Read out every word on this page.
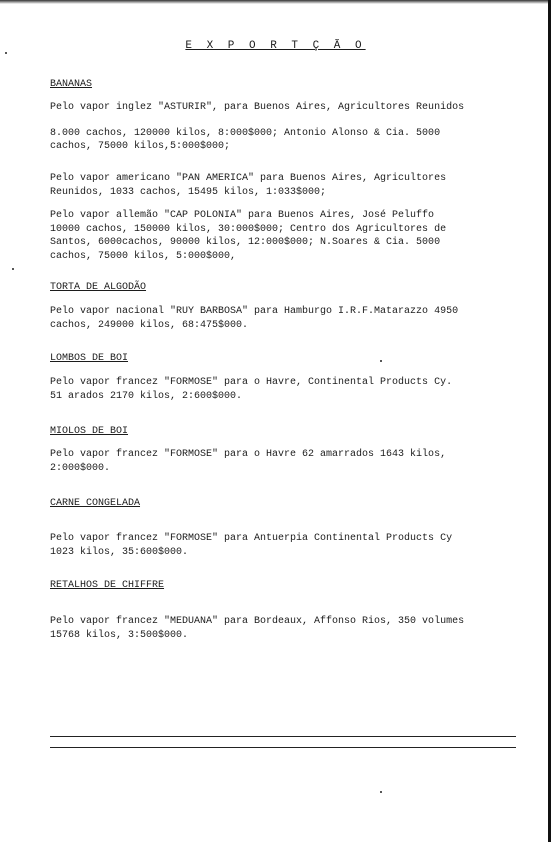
E X P O R T Ç Ã O
BANANAS
Pelo vapor inglez "ASTURIR", para Buenos Aires, Agricultores Reunidos
8.000 cachos, 120000 kilos, 8:000$000; Antonio Alonso & Cia. 5000
cachos, 75000 kilos,5:000$000;
Pelo vapor americano "PAN AMERICA" para Buenos Aires, Agricultores
Reunidos, 1033 cachos, 15495 kilos, 1:033$000;
Pelo vapor allemão "CAP POLONIA" para Buenos Aires, José Peluffo
10000 cachos, 150000 kilos, 30:000$000; Centro dos Agricultores de
Santos, 6000cachos, 90000 kilos, 12:000$000; N.Soares & Cia. 5000
cachos, 75000 kilos, 5:000$000,
TORTA DE ALGODÃO
Pelo vapor nacional "RUY BARBOSA" para Hamburgo I.R.F.Matarazzo 4950
cachos, 249000 kilos, 68:475$000.
LOMBOS DE BOI
Pelo vapor francez "FORMOSE" para o Havre, Continental Products Cy.
51 arados 2170 kilos, 2:600$000.
MIOLOS DE BOI
Pelo vapor francez "FORMOSE" para o Havre 62 amarrados 1643 kilos,
2:000$000.
CARNE CONGELADA
Pelo vapor francez "FORMOSE" para Antuerpia Continental Products Cy
1023 kilos, 35:600$000.
RETALHOS DE CHIFFRE
Pelo vapor francez "MEDUANA" para Bordeaux, Affonso Rios, 350 volumes
15768 kilos, 3:500$000.
